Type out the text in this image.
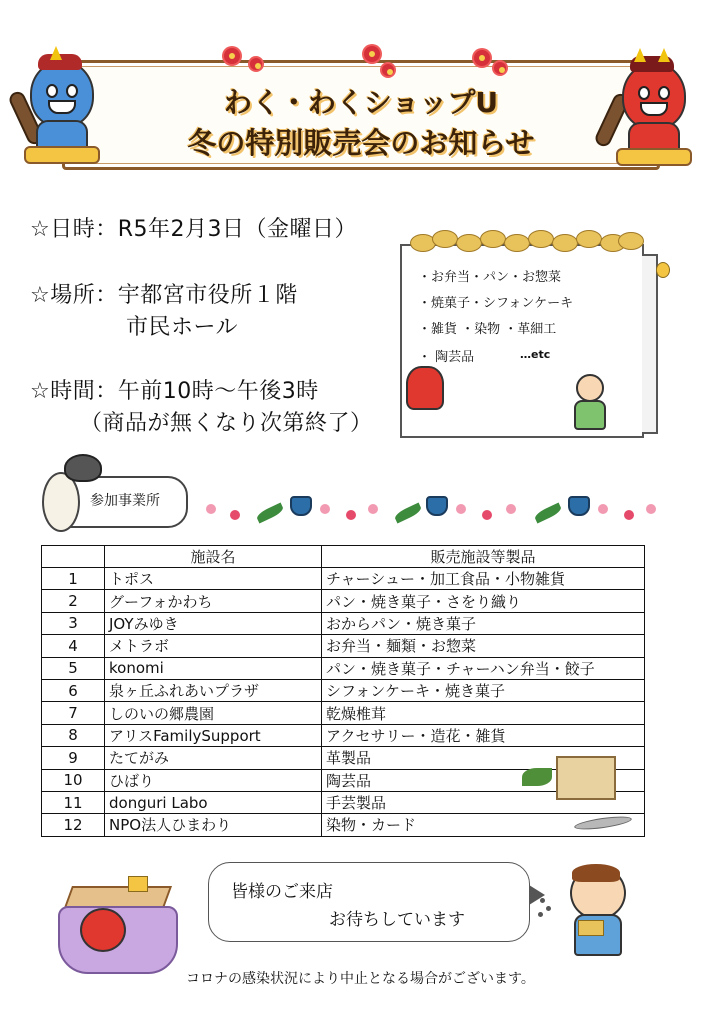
わく・わくショップU
冬の特別販売会のお知らせ
☆日時：R5年2月3日（金曜日）
☆場所：宇都宮市役所１階
市民ホール
☆時間：午前10時～午後3時
（商品が無くなり次第終了）
・お弁当・パン・お惣菜
・焼菓子・シフォンケーキ
・雑貨 ・染物 ・革細工
・ 陶芸品	…etc
参加事業所
	施設名	販売施設等製品
1	トポス	チャーシュー・加工食品・小物雑貨
2	グーフォかわち	パン・焼き菓子・さをり織り
3	JOYみゆき	おからパン・焼き菓子
4	メトラボ	お弁当・麺類・お惣菜
5	konomi	パン・焼き菓子・チャーハン弁当・餃子
6	泉ヶ丘ふれあいプラザ	シフォンケーキ・焼き菓子
7	しのいの郷農園	乾燥椎茸
8	アリスFamilySupport	アクセサリー・造花・雑貨
9	たてがみ	革製品
10	ひばり	陶芸品
11	donguri Labo	手芸製品
12	NPO法人ひまわり	染物・カード
皆様のご来店
お待ちしています
コロナの感染状況により中止となる場合がございます。
